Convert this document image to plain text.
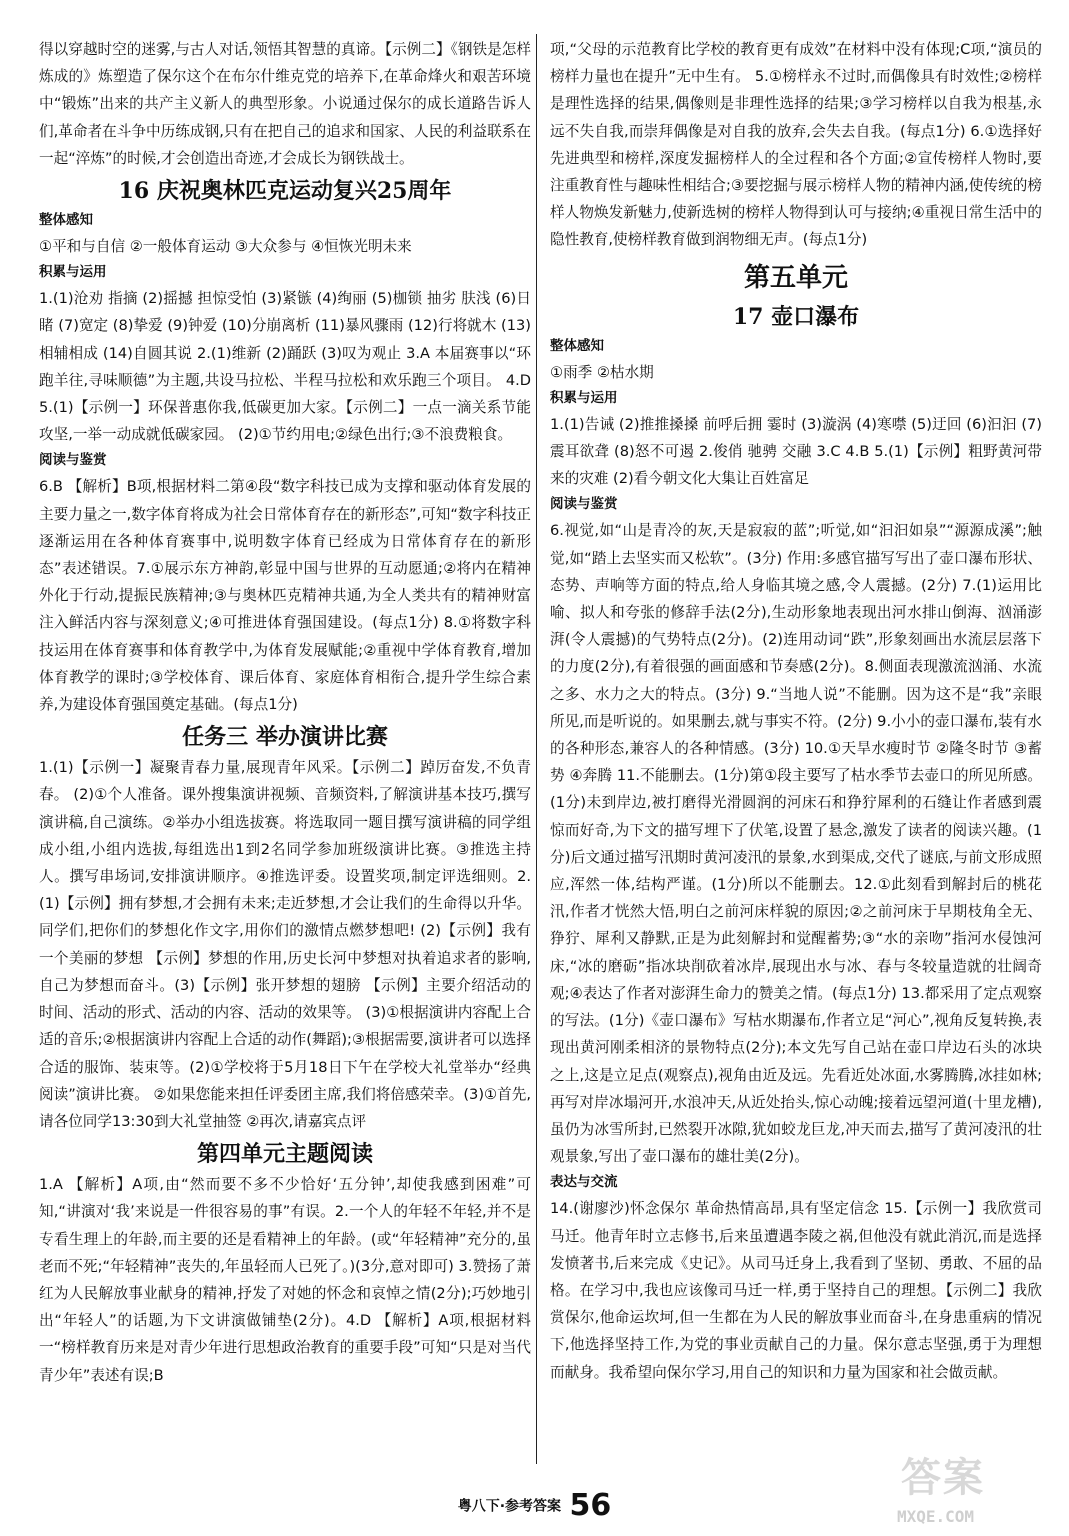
得以穿越时空的迷雾,与古人对话,领悟其智慧的真谛。【示例二】《钢铁是怎样炼成的》炼塑造了保尔这个在布尔什维克党的培养下,在革命烽火和艰苦环境中“锻炼”出来的共产主义新人的典型形象。小说通过保尔的成长道路告诉人们,革命者在斗争中历练成钢,只有在把自己的追求和国家、人民的利益联系在一起“淬炼”的时候,才会创造出奇迹,才会成长为钢铁战士。

16 庆祝奥林匹克运动复兴25周年
整体感知

①平和与自信 ②一般体育运动 ③大众参与 ④恒恢光明未来

积累与运用

1.(1)沧劝 指摘 (2)摇撼 担惊受怕 (3)紧镞 (4)绚丽 (5)枷锁 抽劣 肤浅 (6)日睹 (7)宽定 (8)挚爱 (9)钟爱 (10)分崩离析 (11)暴风骤雨 (12)行将就木 (13)相辅相成 (14)自圆其说 2.(1)维新 (2)踊跃 (3)叹为观止 3.A 本届赛事以“环跑羊往,寻味顺德”为主题,共设马拉松、半程马拉松和欢乐跑三个项目。 4.D 5.(1)【示例一】环保普惠你我,低碳更加大家。【示例二】一点一滴关系节能攻坚,一举一动成就低碳家园。 (2)①节约用电;②绿色出行;③不浪费粮食。

阅读与鉴赏

6.B 【解析】B项,根据材料二第④段“数字科技已成为支撑和驱动体育发展的主要力量之一,数字体育将成为社会日常体育存在的新形态”,可知“数字科技正逐渐运用在各种体育赛事中,说明数字体育已经成为日常体育存在的新形态”表述错误。7.①展示东方神韵,彰显中国与世界的互动愿通;②将内在精神外化于行动,提振民族精神;③与奥林匹克精神共通,为全人类共有的精神财富注入鲜活内容与深刻意义;④可推进体育强国建设。(每点1分) 8.①将数字科技运用在体育赛事和体育教学中,为体育发展赋能;②重视中学体育教育,增加体育教学的课时;③学校体育、课后体育、家庭体育相衔合,提升学生综合素养,为建设体育强国奠定基础。(每点1分)

任务三 举办演讲比赛

1.(1)【示例一】凝聚青春力量,展现青年风采。【示例二】踔厉奋发,不负青春。 (2)①个人准备。课外搜集演讲视频、音频资料,了解演讲基本技巧,撰写演讲稿,自己演练。②举办小组选拔赛。将选取同一题目撰写演讲稿的同学组成小组,小组内选拔,每组选出1到2名同学参加班级演讲比赛。③推选主持人。撰写串场词,安排演讲顺序。④推选评委。设置奖项,制定评选细则。2.(1)【示例】拥有梦想,才会拥有未来;走近梦想,才会让我们的生命得以升华。同学们,把你们的梦想化作文字,用你们的激情点燃梦想吧! (2)【示例】我有一个美丽的梦想 【示例】梦想的作用,历史长河中梦想对执着追求者的影响,自己为梦想而奋斗。(3)【示例】张开梦想的翅膀 【示例】主要介绍活动的时间、活动的形式、活动的内容、活动的效果等。 (3)①根据演讲内容配上合适的音乐;②根据演讲内容配上合适的动作(舞蹈);③根据需要,演讲者可以选择合适的服饰、装束等。(2)①学校将于5月18日下午在学校大礼堂举办“经典阅读”演讲比赛。 ②如果您能来担任评委团主席,我们将倍感荣幸。(3)①首先,请各位同学13:30到大礼堂抽签 ②再次,请嘉宾点评

第四单元主题阅读

1.A 【解析】A项,由“然而要不多不少恰好‘五分钟’,却使我感到困难”可知,“讲演对‘我’来说是一件很容易的事”有误。2.一个人的年轻不年轻,并不是专看生理上的年龄,而主要的还是看精神上的年龄。(或“年轻精神”充分的,虽老而不死;“年轻精神”丧失的,年虽轻而人已死了。)(3分,意对即可) 3.赞扬了萧红为人民解放事业献身的精神,抒发了对她的怀念和哀悼之情(2分);巧妙地引出“年轻人”的话题,为下文讲演做铺垫(2分)。4.D 【解析】A项,根据材料一“榜样教育历来是对青少年进行思想政治教育的重要手段”可知“只是对当代青少年”表述有误;B

项,“父母的示范教育比学校的教育更有成效”在材料中没有体现;C项,“演员的榜样力量也在提升”无中生有。 5.①榜样永不过时,而偶像具有时效性;②榜样是理性选择的结果,偶像则是非理性选择的结果;③学习榜样以自我为根基,永远不失自我,而崇拜偶像是对自我的放弃,会失去自我。(每点1分) 6.①选择好先进典型和榜样,深度发掘榜样人的全过程和各个方面;②宣传榜样人物时,要注重教育性与趣味性相结合;③要挖掘与展示榜样人物的精神内涵,使传统的榜样人物焕发新魅力,使新选树的榜样人物得到认可与接纳;④重视日常生活中的隐性教育,使榜样教育做到润物细无声。(每点1分)

第五单元
17 壶口瀑布
整体感知

①雨季 ②枯水期

积累与运用

1.(1)告诫 (2)推推搡搡 前呼后拥 霎时 (3)漩涡 (4)寒噤 (5)迂回 (6)汩汩 (7)震耳欲聋 (8)怒不可遏 2.俊俏 驰骋 交融 3.C 4.B 5.(1)【示例】粗野黄河带来的灾难 (2)看今朝文化大集让百姓富足

阅读与鉴赏

6.视觉,如“山是青冷的灰,天是寂寂的蓝”;听觉,如“汩汩如泉”“源源成溪”;触觉,如“踏上去坚实而又松软”。(3分) 作用:多感官描写写出了壶口瀑布形状、态势、声响等方面的特点,给人身临其境之感,令人震撼。(2分) 7.(1)运用比喻、拟人和夸张的修辞手法(2分),生动形象地表现出河水排山倒海、汹涌澎湃(令人震撼)的气势特点(2分)。(2)连用动词“跌”,形象刻画出水流层层落下的力度(2分),有着很强的画面感和节奏感(2分)。8.侧面表现激流汹涌、水流之多、水力之大的特点。(3分) 9.“当地人说”不能删。因为这不是“我”亲眼所见,而是听说的。如果删去,就与事实不符。(2分) 9.小小的壶口瀑布,装有水的各种形态,兼容人的各种情感。(3分) 10.①天旱水瘦时节 ②隆冬时节 ③蓄势 ④奔腾 11.不能删去。(1分)第①段主要写了枯水季节去壶口的所见所感。(1分)未到岸边,被打磨得光滑圆润的河床石和狰狞犀利的石缝让作者感到震惊而好奇,为下文的描写埋下了伏笔,设置了悬念,激发了读者的阅读兴趣。(1分)后文通过描写汛期时黄河凌汛的景象,水到渠成,交代了谜底,与前文形成照应,浑然一体,结构严谨。(1分)所以不能删去。12.①此刻看到解封后的桃花汛,作者才恍然大悟,明白之前河床样貌的原因;②之前河床于早期枝角全无、狰狞、犀利又静默,正是为此刻解封和觉醒蓄势;③“水的亲吻”指河水侵蚀河床,“冰的磨砺”指冰块削砍着冰岸,展现出水与冰、春与冬较量造就的壮阔奇观;④表达了作者对澎湃生命力的赞美之情。(每点1分) 13.都采用了定点观察的写法。(1分)《壶口瀑布》写枯水期瀑布,作者立足“河心”,视角反复转换,表现出黄河刚柔相济的景物特点(2分);本文先写自己站在壶口岸边石头的冰块之上,这是立足点(观察点),视角由近及远。先看近处冰面,水雾腾腾,冰挂如林;再写对岸冰塌河开,水浪冲天,从近处抬头,惊心动魄;接着远望河道(十里龙槽),虽仍为冰雪所封,已然裂开冰隙,犹如蛟龙巨龙,冲天而去,描写了黄河凌汛的壮观景象,写出了壶口瀑布的雄壮美(2分)。

表达与交流

14.(谢廖沙)怀念保尔 革命热情高昂,具有坚定信念 15.【示例一】我欣赏司马迁。他青年时立志修书,后来虽遭遇李陵之祸,但他没有就此消沉,而是选择发愤著书,后来完成《史记》。从司马迁身上,我看到了坚韧、勇敢、不屈的品格。在学习中,我也应该像司马迁一样,勇于坚持自己的理想。【示例二】我欣赏保尔,他命运坎坷,但一生都在为人民的解放事业而奋斗,在身患重病的情况下,他选择坚持工作,为党的事业贡献自己的力量。保尔意志坚强,勇于为理想而献身。我希望向保尔学习,用自己的知识和力量为国家和社会做贡献。

粤八下·参考答案 56
答案
MXQE.COM
